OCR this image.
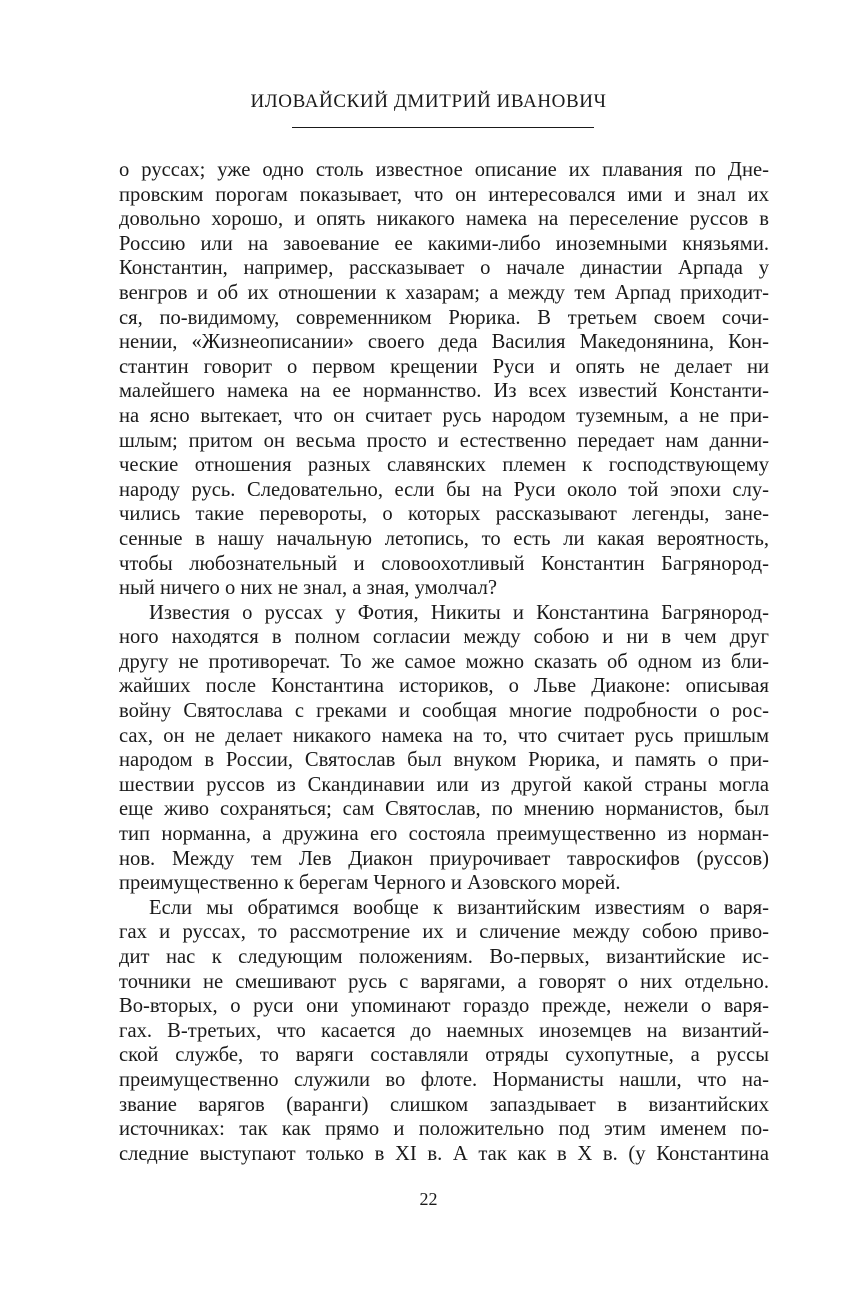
ИЛОВАЙСКИЙ ДМИТРИЙ ИВАНОВИЧ
о руссах; уже одно столь известное описание их плавания по Дне-
провским порогам показывает, что он интересовался ими и знал их
довольно хорошо, и опять никакого намека на переселение руссов в
Россию или на завоевание ее какими-либо иноземными князьями.
Константин, например, рассказывает о начале династии Арпада у
венгров и об их отношении к хазарам; а между тем Арпад приходит-
ся, по-видимому, современником Рюрика. В третьем своем сочи-
нении, «Жизнеописании» своего деда Василия Македонянина, Кон-
стантин говорит о первом крещении Руси и опять не делает ни
малейшего намека на ее норманнство. Из всех известий Константи-
на ясно вытекает, что он считает русь народом туземным, а не при-
шлым; притом он весьма просто и естественно передает нам данни-
ческие отношения разных славянских племен к господствующему
народу русь. Следовательно, если бы на Руси около той эпохи слу-
чились такие перевороты, о которых рассказывают легенды, зане-
сенные в нашу начальную летопись, то есть ли какая вероятность,
чтобы любознательный и словоохотливый Константин Багрянород-
ный ничего о них не знал, а зная, умолчал?
Известия о руссах у Фотия, Никиты и Константина Багрянород-
ного находятся в полном согласии между собою и ни в чем друг
другу не противоречат. То же самое можно сказать об одном из бли-
жайших после Константина историков, о Льве Диаконе: описывая
войну Святослава с греками и сообщая многие подробности о рос-
сах, он не делает никакого намека на то, что считает русь пришлым
народом в России, Святослав был внуком Рюрика, и память о при-
шествии руссов из Скандинавии или из другой какой страны могла
еще живо сохраняться; сам Святослав, по мнению норманистов, был
тип норманна, а дружина его состояла преимущественно из норман-
нов. Между тем Лев Диакон приурочивает тавроскифов (руссов)
преимущественно к берегам Черного и Азовского морей.
Если мы обратимся вообще к византийским известиям о варя-
гах и руссах, то рассмотрение их и сличение между собою приво-
дит нас к следующим положениям. Во-первых, византийские ис-
точники не смешивают русь с варягами, а говорят о них отдельно.
Во-вторых, о руси они упоминают гораздо прежде, нежели о варя-
гах. В-третьих, что касается до наемных иноземцев на византий-
ской службе, то варяги составляли отряды сухопутные, а руссы
преимущественно служили во флоте. Норманисты нашли, что на-
звание варягов (варанги) слишком запаздывает в византийских
источниках: так как прямо и положительно под этим именем по-
следние выступают только в XI в. А так как в X в. (у Константина
22
